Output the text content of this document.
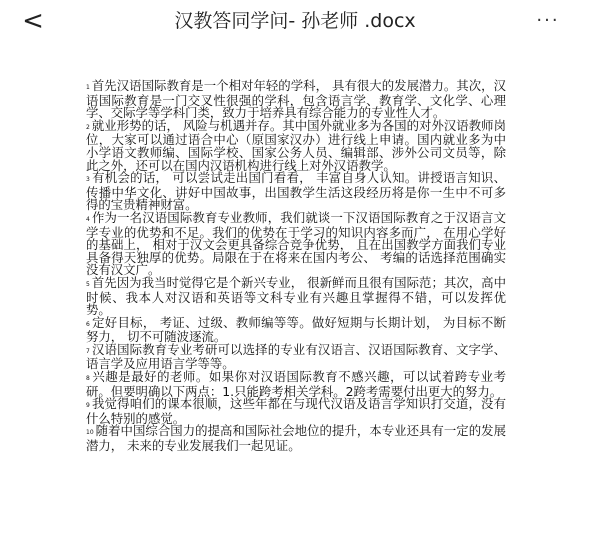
<	汉教答同学问- 孙老师 .docx	···

1 首先汉语国际教育是一个相对年轻的学科， 具有很大的发展潜力。其次，汉语国际教育是一门交叉性很强的学科，包含语言学、教育学、文化学、心理学、交际学等学科门类，致力于培养具有综合能力的专业性人才。

2 就业形势的话， 风险与机遇并存。其中国外就业多为各国的对外汉语教师岗位，大家可以通过语合中心（原国家汉办）进行线上申请。国内就业多为中小学语文教师编、国际学校、国家公务人员、编辑部、涉外公司文员等，除此之外，还可以在国内汉语机构进行线上对外汉语教学。

3 有机会的话， 可以尝试走出国门看看， 丰富自身人认知。讲授语言知识、传播中华文化、讲好中国故事，出国教学生活这段经历将是你一生中不可多得的宝贵精神财富。

4 作为一名汉语国际教育专业教师，我们就谈一下汉语国际教育之于汉语言文学专业的优势和不足。我们的优势在于学习的知识内容多而广， 在用心学好的基础上， 相对于汉文会更具备综合竞争优势， 且在出国教学方面我们专业具备得天独厚的优势。局限在于在将来在国内考公、 考编的话选择范围确实没有汉文广。

5 首先因为我当时觉得它是个新兴专业， 很新鲜而且很有国际范；其次，高中时候、我本人对汉语和英语等文科专业有兴趣且掌握得不错，可以发挥优势。

6 定好目标， 考证、过级、教师编等等。做好短期与长期计划， 为目标不断努力， 切不可随波逐流。

7 汉语国际教育专业考研可以选择的专业有汉语言、汉语国际教育、文字学、语言学及应用语言学等等。

8 兴趣是最好的老师。如果你对汉语国际教育不感兴趣，可以试着跨专业考研。但要明确以下两点：1.只能跨考相关学科。2跨考需要付出更大的努力。

9 我觉得咱们的课本很顺，这些年都在与现代汉语及语言学知识打交道，没有什么特别的感觉。

10 随着中国综合国力的提高和国际社会地位的提升，本专业还具有一定的发展潜力， 未来的专业发展我们一起见证。
